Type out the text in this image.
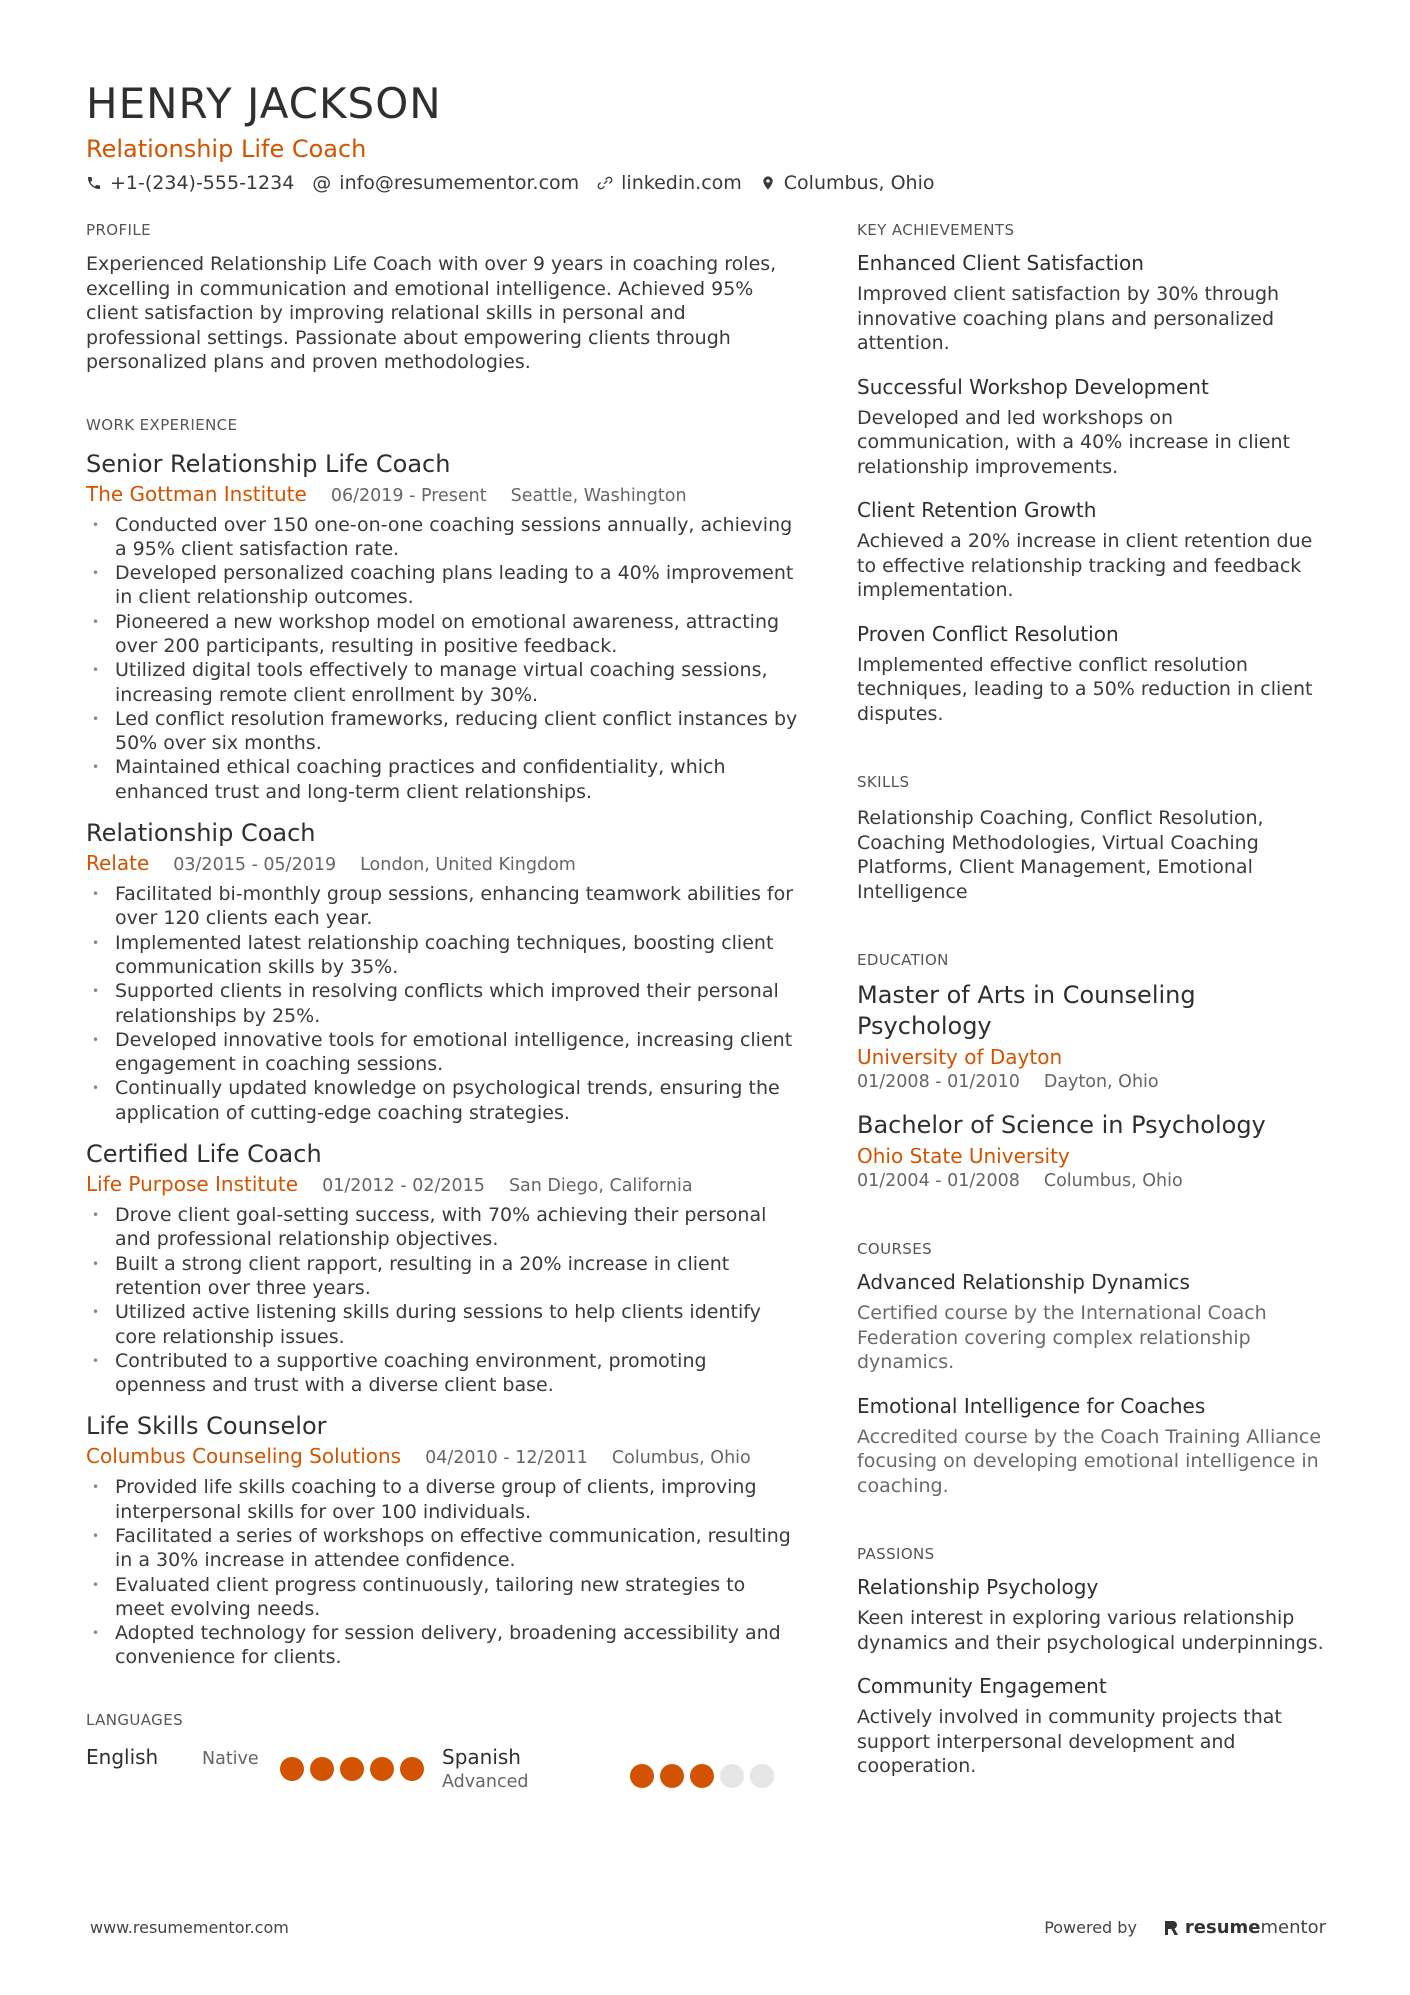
HENRY JACKSON
Relationship Life Coach
+1-(234)-555-1234 @ info@resumementor.com linkedin.com Columbus, Ohio
PROFILE

Experienced Relationship Life Coach with over 9 years in coaching roles, excelling in communication and emotional intelligence. Achieved 95% client satisfaction by improving relational skills in personal and professional settings. Passionate about empowering clients through personalized plans and proven methodologies.

WORK EXPERIENCE
Senior Relationship Life Coach
The Gottman Institute 06/2019 - Present Seattle, Washington
• Conducted over 150 one-on-one coaching sessions annually, achieving a 95% client satisfaction rate.
• Developed personalized coaching plans leading to a 40% improvement in client relationship outcomes.
• Pioneered a new workshop model on emotional awareness, attracting over 200 participants, resulting in positive feedback.
• Utilized digital tools effectively to manage virtual coaching sessions, increasing remote client enrollment by 30%.
• Led conflict resolution frameworks, reducing client conflict instances by 50% over six months.
• Maintained ethical coaching practices and confidentiality, which enhanced trust and long-term client relationships.
Relationship Coach
Relate 03/2015 - 05/2019 London, United Kingdom
• Facilitated bi-monthly group sessions, enhancing teamwork abilities for over 120 clients each year.
• Implemented latest relationship coaching techniques, boosting client communication skills by 35%.
• Supported clients in resolving conflicts which improved their personal relationships by 25%.
• Developed innovative tools for emotional intelligence, increasing client engagement in coaching sessions.
• Continually updated knowledge on psychological trends, ensuring the application of cutting-edge coaching strategies.
Certified Life Coach
Life Purpose Institute 01/2012 - 02/2015 San Diego, California
• Drove client goal-setting success, with 70% achieving their personal and professional relationship objectives.
• Built a strong client rapport, resulting in a 20% increase in client retention over three years.
• Utilized active listening skills during sessions to help clients identify core relationship issues.
• Contributed to a supportive coaching environment, promoting openness and trust with a diverse client base.
Life Skills Counselor
Columbus Counseling Solutions 04/2010 - 12/2011 Columbus, Ohio
• Provided life skills coaching to a diverse group of clients, improving interpersonal skills for over 100 individuals.
• Facilitated a series of workshops on effective communication, resulting in a 30% increase in attendee confidence.
• Evaluated client progress continuously, tailoring new strategies to meet evolving needs.
• Adopted technology for session delivery, broadening accessibility and convenience for clients.
LANGUAGES
English	Native	Spanish
Advanced
KEY ACHIEVEMENTS
Enhanced Client Satisfaction
Improved client satisfaction by 30% through innovative coaching plans and personalized attention.
Successful Workshop Development
Developed and led workshops on communication, with a 40% increase in client relationship improvements.
Client Retention Growth
Achieved a 20% increase in client retention due to effective relationship tracking and feedback implementation.
Proven Conflict Resolution
Implemented effective conflict resolution techniques, leading to a 50% reduction in client disputes.
SKILLS
Relationship Coaching, Conflict Resolution, Coaching Methodologies, Virtual Coaching Platforms, Client Management, Emotional Intelligence
EDUCATION
Master of Arts in Counseling Psychology
University of Dayton
01/2008 - 01/2010 Dayton, Ohio
Bachelor of Science in Psychology
Ohio State University
01/2004 - 01/2008 Columbus, Ohio
COURSES
Advanced Relationship Dynamics
Certified course by the International Coach Federation covering complex relationship dynamics.
Emotional Intelligence for Coaches
Accredited course by the Coach Training Alliance focusing on developing emotional intelligence in coaching.
PASSIONS
Relationship Psychology
Keen interest in exploring various relationship dynamics and their psychological underpinnings.
Community Engagement
Actively involved in community projects that support interpersonal development and cooperation.
www.resumementor.com	Powered by	resumementor
